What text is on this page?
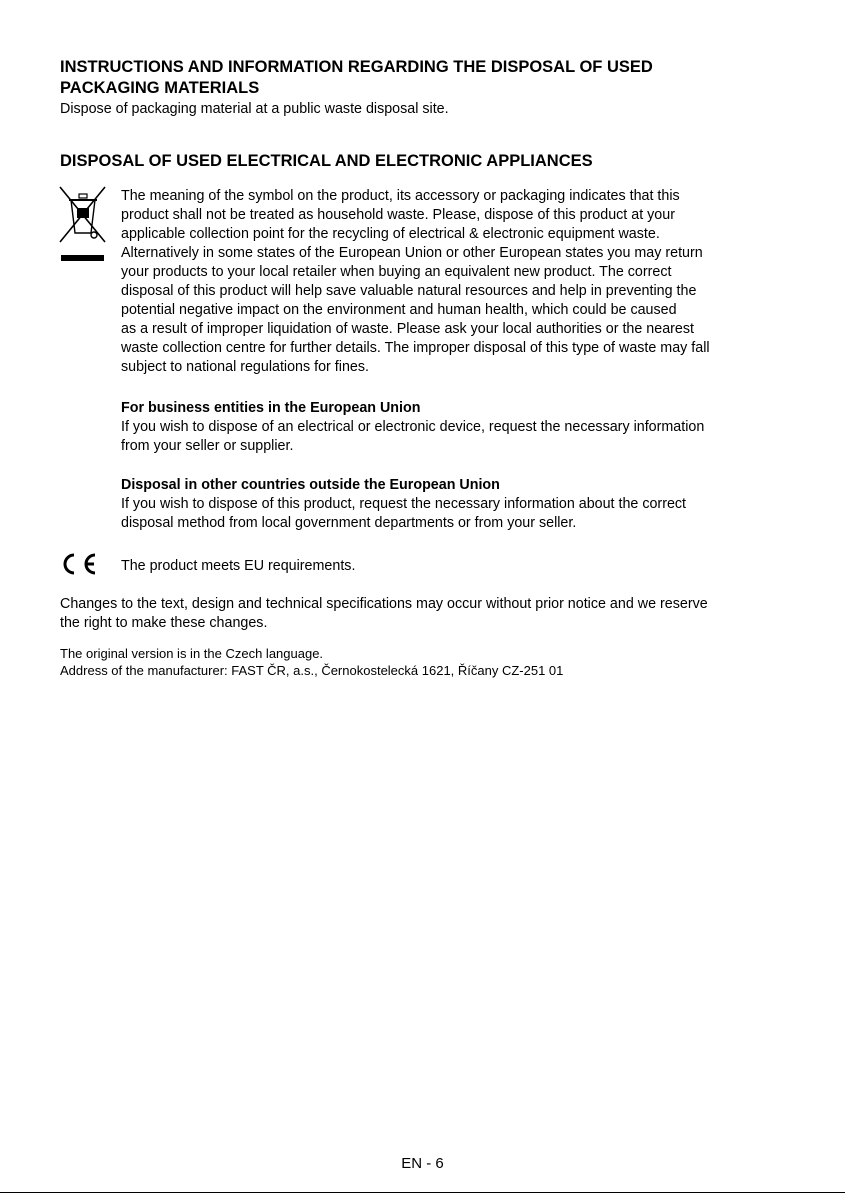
INSTRUCTIONS AND INFORMATION REGARDING THE DISPOSAL OF USED
PACKAGING MATERIALS

Dispose of packaging material at a public waste disposal site.

DISPOSAL OF USED ELECTRICAL AND ELECTRONIC APPLIANCES

The meaning of the symbol on the product, its accessory or packaging indicates that this

product shall not be treated as household waste. Please, dispose of this product at your

applicable collection point for the recycling of electrical & electronic equipment waste.

Alternatively in some states of the European Union or other European states you may return

your products to your local retailer when buying an equivalent new product. The correct

disposal of this product will help save valuable natural resources and help in preventing the

potential negative impact on the environment and human health, which could be caused

as a result of improper liquidation of waste. Please ask your local authorities or the nearest

waste collection centre for further details. The improper disposal of this type of waste may fall

subject to national regulations for fines.

For business entities in the European Union

If you wish to dispose of an electrical or electronic device, request the necessary information

from your seller or supplier.

Disposal in other countries outside the European Union

If you wish to dispose of this product, request the necessary information about the correct

disposal method from local government departments or from your seller.

The product meets EU requirements.

Changes to the text, design and technical specifications may occur without prior notice and we reserve

the right to make these changes.

The original version is in the Czech language.

Address of the manufacturer: FAST ČR, a.s., Černokostelecká 1621, Říčany CZ-251 01

EN - 6
